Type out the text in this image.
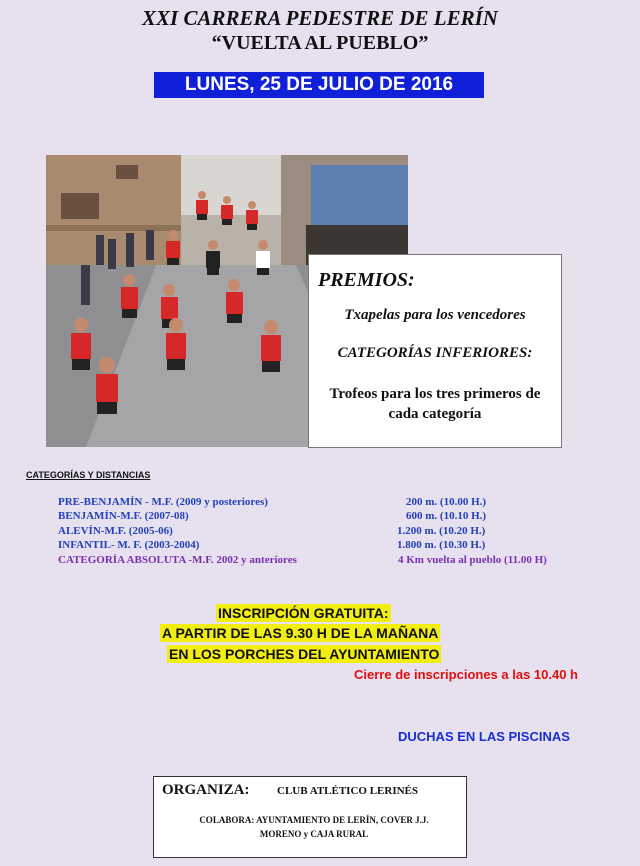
XXI CARRERA PEDESTRE DE LERÍN
“VUELTA AL PUEBLO”
LUNES, 25 DE JULIO DE 2016
PREMIOS:
Txapelas para los vencedores
CATEGORÍAS INFERIORES:
Trofeos para los tres primeros de cada categoría
CATEGORÍAS Y DISTANCIAS
PRE-BENJAMÍN - M.F. (2009 y posteriores)	200 m. (10.00 H.)
BENJAMÍN-M.F. (2007-08)	600 m. (10.10 H.)
ALEVÍN-M.F. (2005-06)	1.200 m. (10.20 H.)
INFANTIL- M. F. (2003-2004)	1.800 m. (10.30 H.)
CATEGORÍA ABSOLUTA -M.F. 2002 y anteriores	4 Km vuelta al pueblo (11.00 H)
INSCRIPCIÓN GRATUITA:
A PARTIR DE LAS 9.30 H DE LA MAÑANA
EN LOS PORCHES DEL AYUNTAMIENTO
Cierre de inscripciones a las 10.40 h
DUCHAS EN LAS PISCINAS
ORGANIZA: CLUB ATLÉTICO LERINÉS
COLABORA: AYUNTAMIENTO DE LERÍN, COVER J.J.
MORENO y CAJA RURAL
